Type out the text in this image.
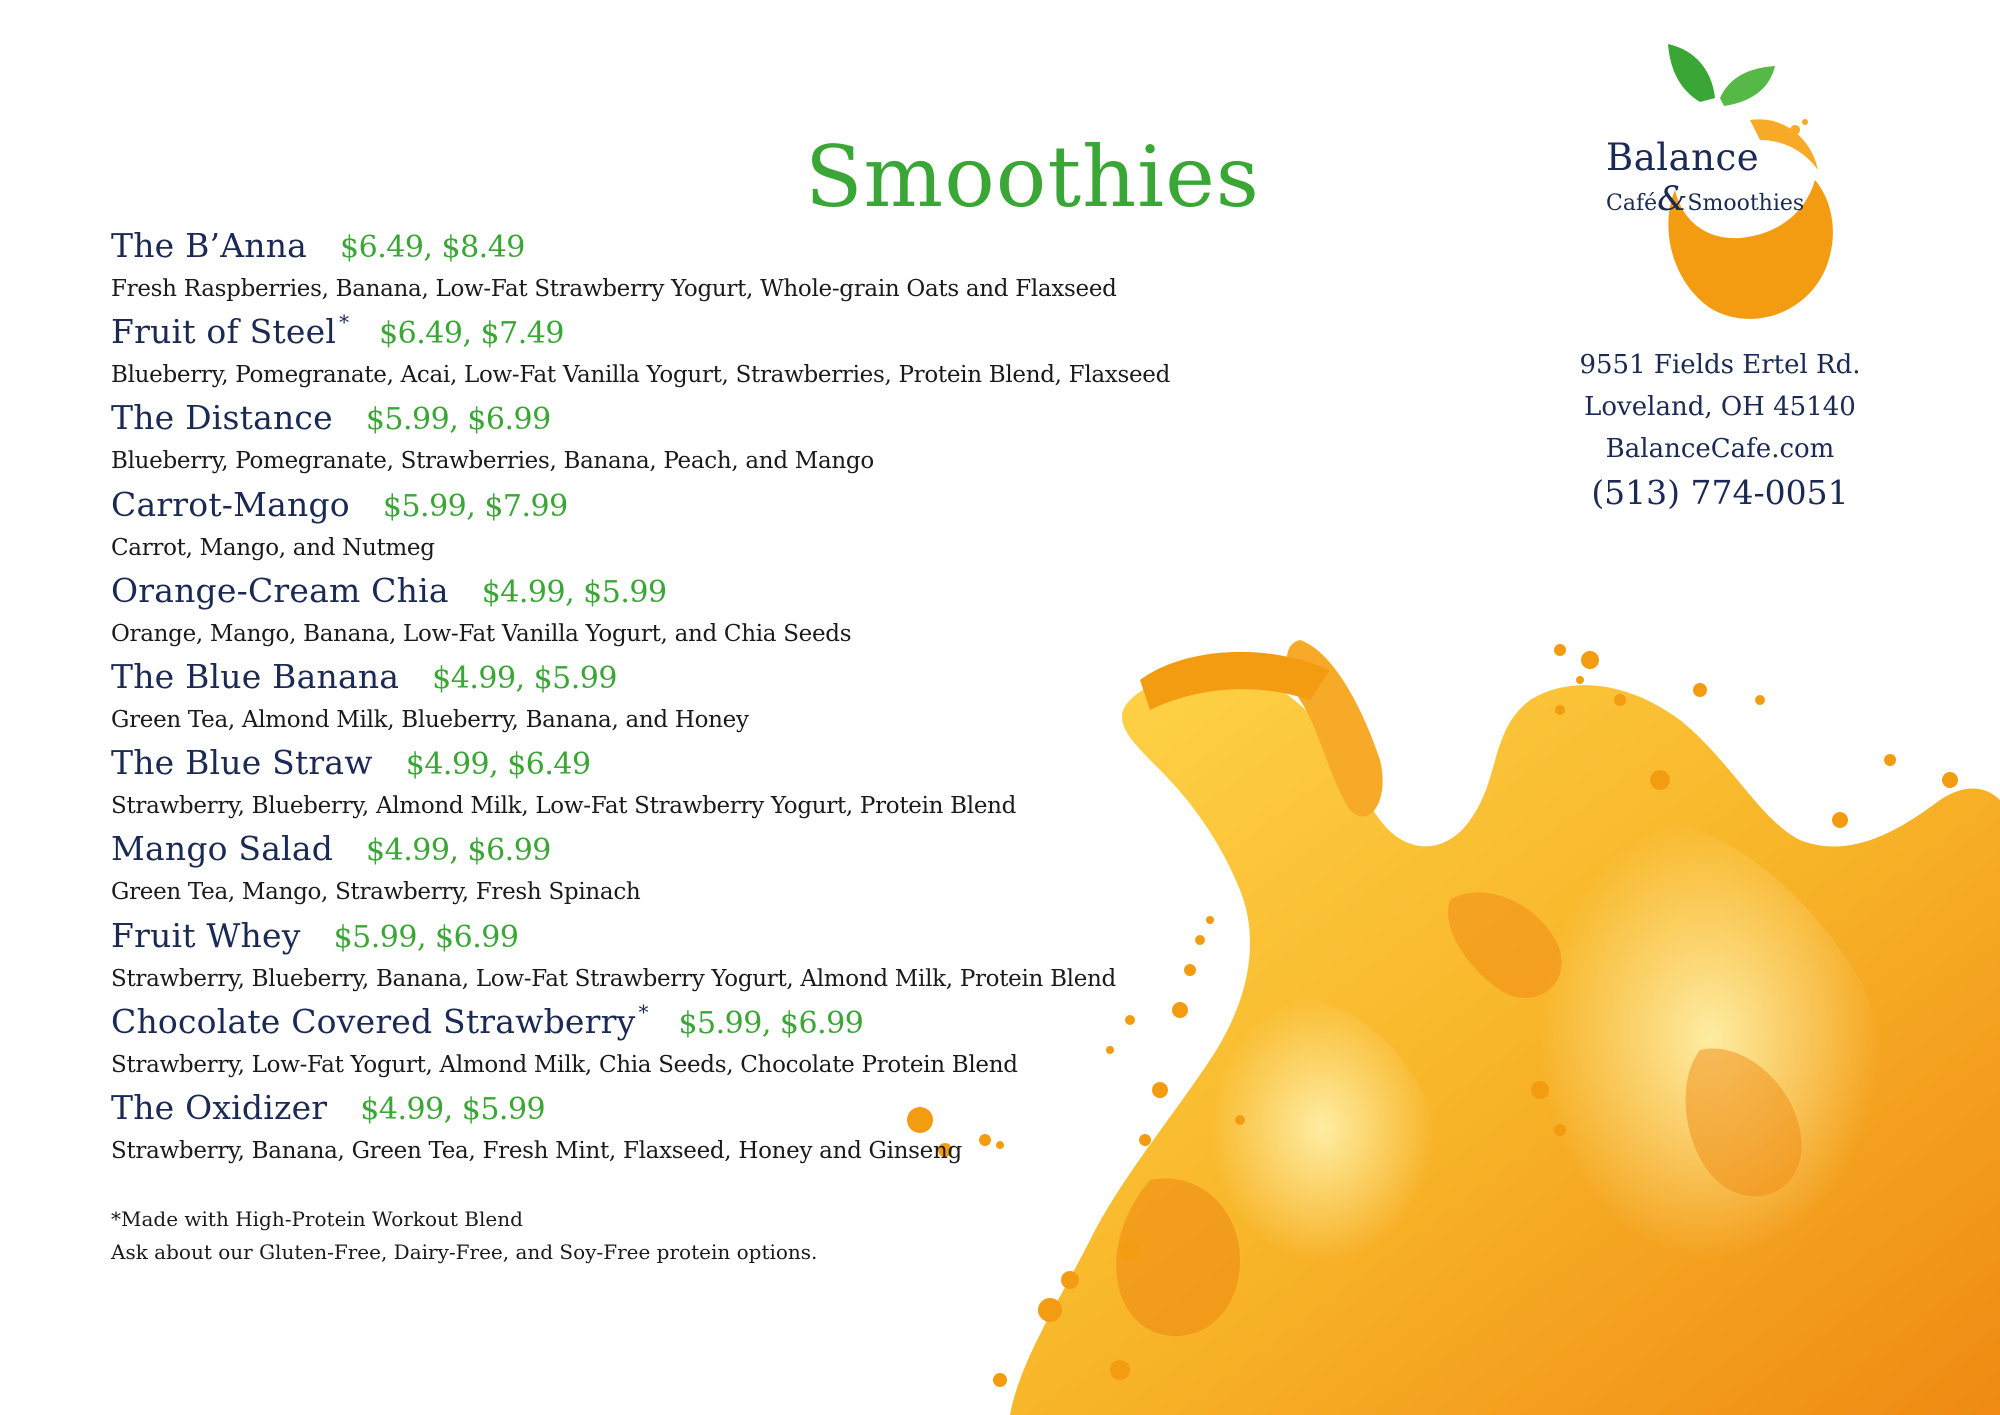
Smoothies
The B’Anna $6.49, $8.49
Fresh Raspberries, Banana, Low-Fat Strawberry Yogurt, Whole-grain Oats and Flaxseed
Fruit of Steel * $6.49, $7.49
Blueberry, Pomegranate, Acai, Low-Fat Vanilla Yogurt, Strawberries, Protein Blend, Flaxseed
The Distance $5.99, $6.99
Blueberry, Pomegranate, Strawberries, Banana, Peach, and Mango
Carrot-Mango $5.99, $7.99
Carrot, Mango, and Nutmeg
Orange-Cream Chia $4.99, $5.99
Orange, Mango, Banana, Low-Fat Vanilla Yogurt, and Chia Seeds
The Blue Banana $4.99, $5.99
Green Tea, Almond Milk, Blueberry, Banana, and Honey
The Blue Straw $4.99, $6.49
Strawberry, Blueberry, Almond Milk, Low-Fat Strawberry Yogurt, Protein Blend
Mango Salad $4.99, $6.99
Green Tea, Mango, Strawberry, Fresh Spinach
Fruit Whey $5.99, $6.99
Strawberry, Blueberry, Banana, Low-Fat Strawberry Yogurt, Almond Milk, Protein Blend
Chocolate Covered Strawberry * $5.99, $6.99
Strawberry, Low-Fat Yogurt, Almond Milk, Chia Seeds, Chocolate Protein Blend
The Oxidizer $4.99, $5.99
Strawberry, Banana, Green Tea, Fresh Mint, Flaxseed, Honey and Ginseng
*Made with High-Protein Workout Blend
Ask about our Gluten-Free, Dairy-Free, and Soy-Free protein options.
Balance
Café&Smoothies
9551 Fields Ertel Rd.
Loveland, OH 45140
BalanceCafe.com
(513) 774-0051
